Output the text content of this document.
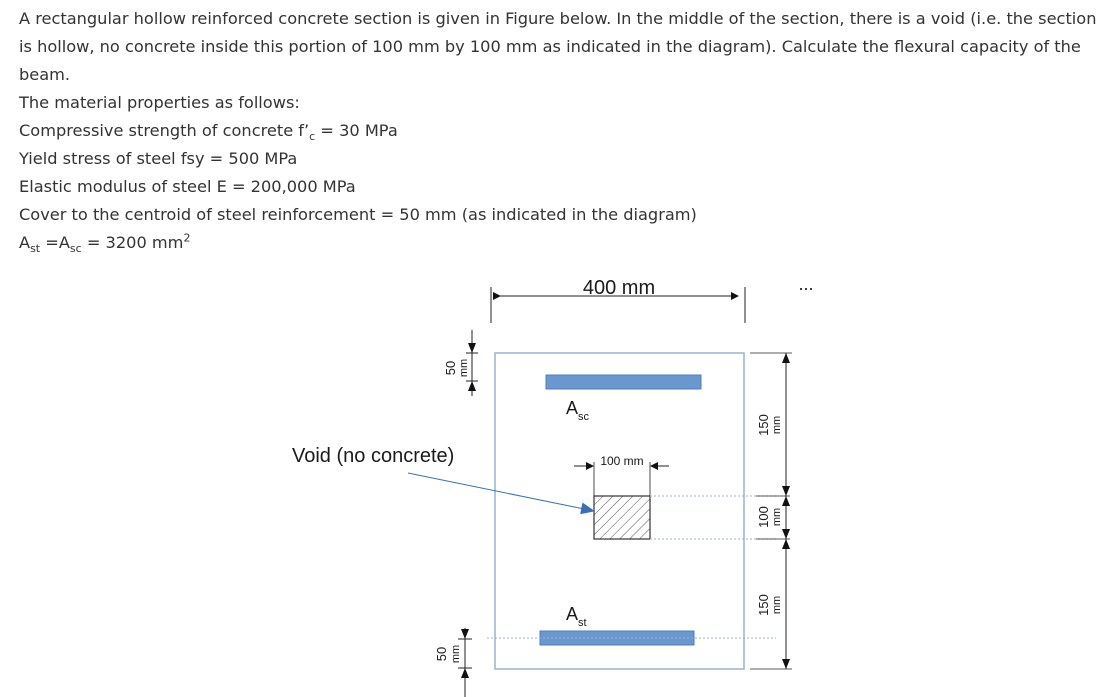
A rectangular hollow reinforced concrete section is given in Figure below. In the middle of the section, there is a void (i.e. the section is hollow, no concrete inside this portion of 100 mm by 100 mm as indicated in the diagram). Calculate the flexural capacity of the beam.

The material properties as follows:

Compressive strength of concrete $f’_c = 30$ MPa

Yield stress of steel fsy = 500 MPa

Elastic modulus of steel E = 200,000 MPa

Cover to the centroid of steel reinforcement = 50 mm (as indicated in the diagram)

$A_{st} =A_{sc} = 3200$ $mm^2$

400 mm	...
$A_{sc}$
100 mm
Void (no concrete)
$A_{st}$
50 mm
50 mm
150 mm
100 mm
150 mm
